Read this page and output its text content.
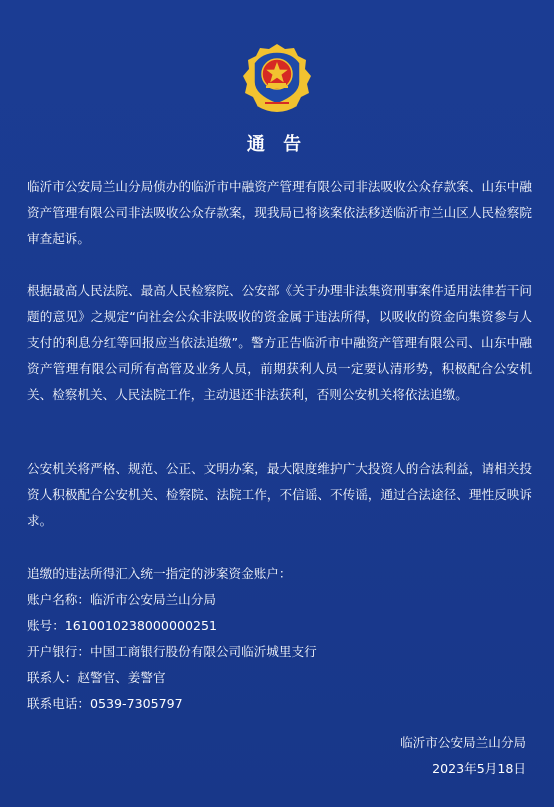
通 告

临沂市公安局兰山分局侦办的临沂市中融资产管理有限公司非法吸收公众存款案、山东中融资产管理有限公司非法吸收公众存款案，现我局已将该案依法移送临沂市兰山区人民检察院审查起诉。

根据最高人民法院、最高人民检察院、公安部《关于办理非法集资刑事案件适用法律若干问题的意见》之规定“向社会公众非法吸收的资金属于违法所得，以吸收的资金向集资参与人支付的利息分红等回报应当依法追缴”。警方正告临沂市中融资产管理有限公司、山东中融资产管理有限公司所有高管及业务人员，前期获利人员一定要认清形势，积极配合公安机关、检察机关、人民法院工作，主动退还非法获利，否则公安机关将依法追缴。

公安机关将严格、规范、公正、文明办案，最大限度维护广大投资人的合法利益，请相关投资人积极配合公安机关、检察院、法院工作，不信谣、不传谣，通过合法途径、理性反映诉求。

追缴的违法所得汇入统一指定的涉案资金账户：
账户名称：临沂市公安局兰山分局
账号：1610010238000000251
开户银行：中国工商银行股份有限公司临沂城里支行
联系人：赵警官、姜警官
联系电话：0539-7305797
临沂市公安局兰山分局
2023年5月18日
